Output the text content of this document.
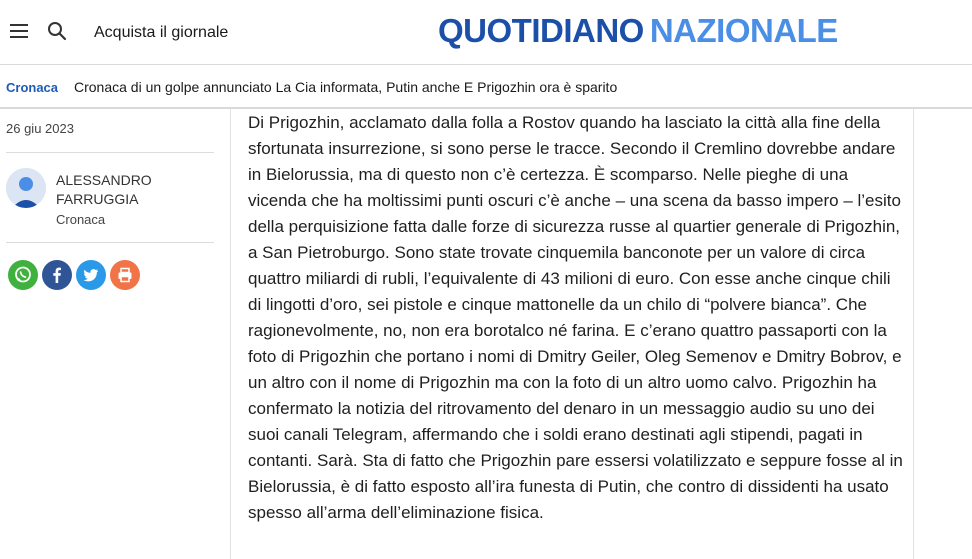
Acquista il giornale	QUOTIDIANO NAZIONALE
Cronaca Cronaca di un golpe annunciato La Cia informata, Putin anche E Prigozhin ora è sparito
26 giu 2023
ALESSANDRO FARRUGGIA
Cronaca

Di Prigozhin, acclamato dalla folla a Rostov quando ha lasciato la città alla fine della sfortunata insurrezione, si sono perse le tracce. Secondo il Cremlino dovrebbe andare in Bielorussia, ma di questo non c’è certezza. È scomparso. Nelle pieghe di una vicenda che ha moltissimi punti oscuri c’è anche – una scena da basso impero – l’esito della perquisizione fatta dalle forze di sicurezza russe al quartier generale di Prigozhin, a San Pietroburgo. Sono state trovate cinquemila banconote per un valore di circa quattro miliardi di rubli, l’equivalente di 43 milioni di euro. Con esse anche cinque chili di lingotti d’oro, sei pistole e cinque mattonelle da un chilo di “polvere bianca”. Che ragionevolmente, no, non era borotalco né farina. E c’erano quattro passaporti con la foto di Prigozhin che portano i nomi di Dmitry Geiler, Oleg Semenov e Dmitry Bobrov, e un altro con il nome di Prigozhin ma con la foto di un altro uomo calvo. Prigozhin ha confermato la notizia del ritrovamento del denaro in un messaggio audio su uno dei suoi canali Telegram, affermando che i soldi erano destinati agli stipendi, pagati in contanti. Sarà. Sta di fatto che Prigozhin pare essersi volatilizzato e seppure fosse al in Bielorussia, è di fatto esposto all’ira funesta di Putin, che contro di dissidenti ha usato spesso all’arma dell’eliminazione fisica.
